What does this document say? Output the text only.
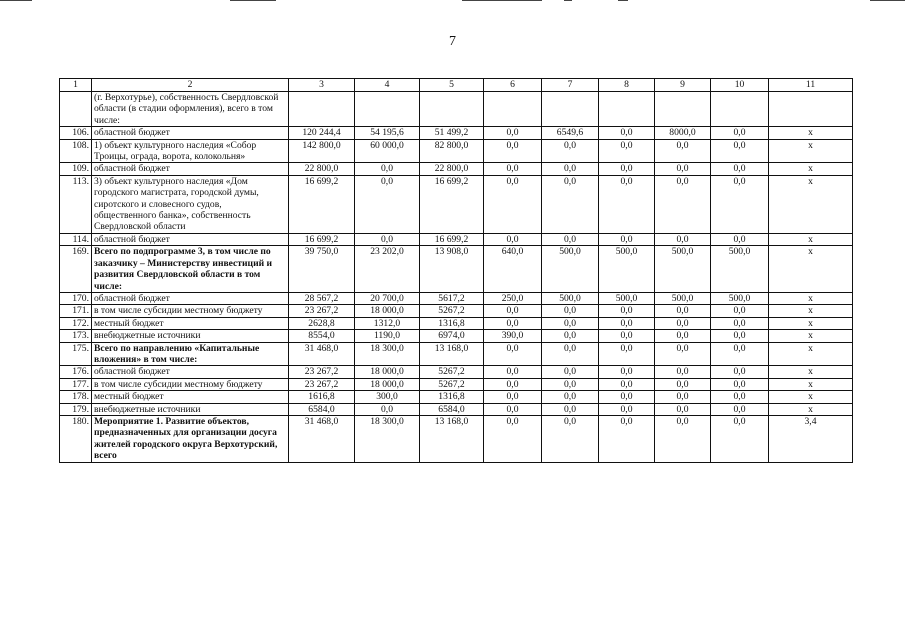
7
1	2	3	4	5	6	7	8	9	10	11
	(г. Верхотурье), собственность Свердловской области (в стадии оформления), всего в том числе:									
106.	областной бюджет	120 244,4	54 195,6	51 499,2	0,0	6549,6	0,0	8000,0	0,0	x
108.	1) объект культурного наследия «Собор Троицы, ограда, ворота, колокольня»	142 800,0	60 000,0	82 800,0	0,0	0,0	0,0	0,0	0,0	x
109.	областной бюджет	22 800,0	0,0	22 800,0	0,0	0,0	0,0	0,0	0,0	x
113.	3) объект культурного наследия «Дом городского магистрата, городской думы, сиротского и словесного судов, общественного банка», собственность Свердловской области	16 699,2	0,0	16 699,2	0,0	0,0	0,0	0,0	0,0	x
114.	областной бюджет	16 699,2	0,0	16 699,2	0,0	0,0	0,0	0,0	0,0	x
169.	Всего по подпрограмме 3, в том числе по заказчику – Министерству инвестиций и развития Свердловской области в том числе:	39 750,0	23 202,0	13 908,0	640,0	500,0	500,0	500,0	500,0	x
170.	областной бюджет	28 567,2	20 700,0	5617,2	250,0	500,0	500,0	500,0	500,0	x
171.	в том числе субсидии местному бюджету	23 267,2	18 000,0	5267,2	0,0	0,0	0,0	0,0	0,0	x
172.	местный бюджет	2628,8	1312,0	1316,8	0,0	0,0	0,0	0,0	0,0	x
173.	внебюджетные источники	8554,0	1190,0	6974,0	390,0	0,0	0,0	0,0	0,0	x
175.	Всего по направлению «Капитальные вложения» в том числе:	31 468,0	18 300,0	13 168,0	0,0	0,0	0,0	0,0	0,0	x
176.	областной бюджет	23 267,2	18 000,0	5267,2	0,0	0,0	0,0	0,0	0,0	x
177.	в том числе субсидии местному бюджету	23 267,2	18 000,0	5267,2	0,0	0,0	0,0	0,0	0,0	x
178.	местный бюджет	1616,8	300,0	1316,8	0,0	0,0	0,0	0,0	0,0	x
179.	внебюджетные источники	6584,0	0,0	6584,0	0,0	0,0	0,0	0,0	0,0	x
180.	Мероприятие 1. Развитие объектов, предназначенных для организации досуга жителей городского округа Верхотурский, всего	31 468,0	18 300,0	13 168,0	0,0	0,0	0,0	0,0	0,0	3,4
